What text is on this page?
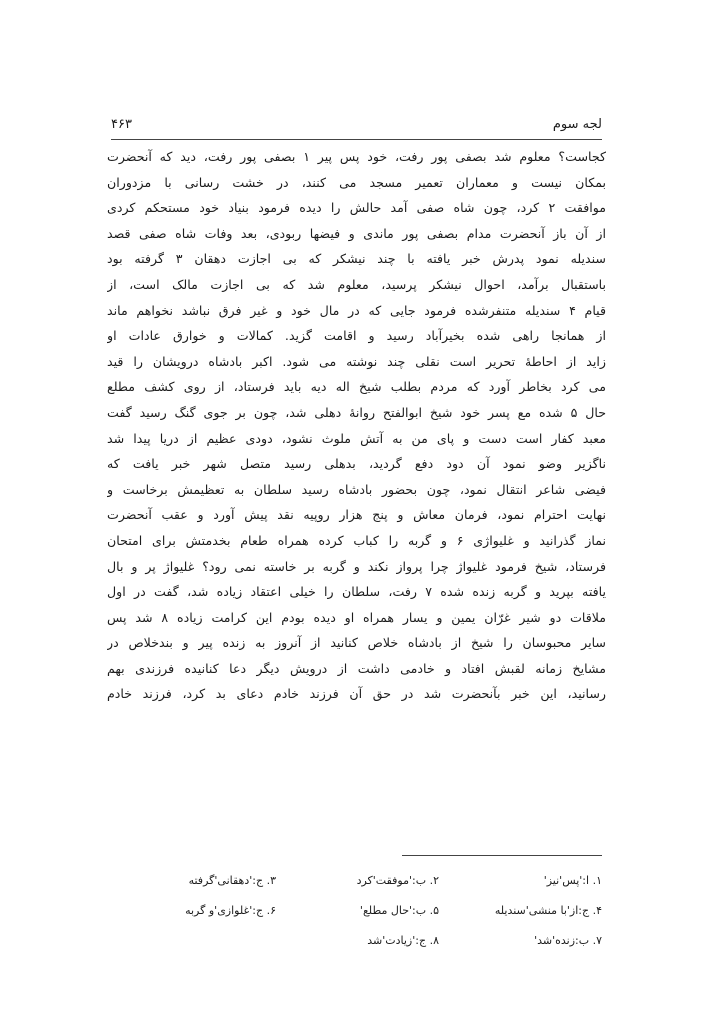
لجه سوم
۴۶۳
کجاست؟ معلوم شد بصفی پور رفت، خود پس پیر ۱ بصفی پور رفت، دید که آنحضرت
بمکان نیست و معماران تعمیر مسجد می کنند، در خشت رسانی با مزدوران
موافقت ۲ کرد، چون شاه صفی آمد حالش را دیده فرمود بنیاد خود مستحکم کردی
از آن باز آنحضرت مدام بصفی پور ماندی و فیضها ربودی، بعد وفات شاه صفی قصد
سندیله نمود پدرش خبر یافته با چند نیشکر که بی اجازت دهقان ۳ گرفته بود
باستقبال برآمد، احوال نیشکر پرسید، معلوم شد که بی اجازت مالک است، از
قیام ۴ سندیله متنفرشده فرمود جایی که در مال خود و غیر فرق نباشد نخواهم ماند
از همانجا راهی شده بخیرآباد رسید و اقامت گزید. کمالات و خوارق عادات او
زاید از احاطهٔ تحریر است نقلی چند نوشته می شود. اکبر بادشاه درویشان را قید
می کرد بخاطر آورد که مردم بطلب شیخ اله دیه باید فرستاد، از روی کشف مطلع
حال ۵ شده مع پسر خود شیخ ابوالفتح روانهٔ دهلی شد، چون بر جوی گنگ رسید گفت
معبد کفار است دست و پای من به آتش ملوث نشود، دودی عظیم از دریا پیدا شد
ناگزیر وضو نمود آن دود دفع گردید، بدهلی رسید متصل شهر خبر یافت که
فیضی شاعر انتقال نمود، چون بحضور بادشاه رسید سلطان به تعظیمش برخاست و
نهایت احترام نمود، فرمان معاش و پنج هزار روپیه نقد پیش آورد و عقب آنحضرت
نماز گذرانید و غلیواژی ۶ و گربه را کباب کرده همراه طعام بخدمتش برای امتحان
فرستاد، شیخ فرمود غلیواژ چرا پرواز نکند و گربه بر خاسته نمی رود؟ غلیواژ پر و بال
یافته بپرید و گربه زنده شده ۷ رفت، سلطان را خیلی اعتقاد زیاده شد، گفت در اول
ملاقات دو شیر غرّان یمین و یسار همراه او دیده بودم این کرامت زیاده ۸ شد پس
سایر محبوسان را شیخ از بادشاه خلاص کنانید از آنروز به زنده پیر و بندخلاص در
مشایخ زمانه لقبش افتاد و خادمی داشت از درویش دیگر دعا کنانیده فرزندی بهم
رسانید، این خبر بآنحضرت شد در حق آن فرزند خادم دعای بد کرد، فرزند خادم
۱. ا:'پس'نیز'
۲. ب:'موفقت'کرد
۳. ج:'دهقانی'گرفته
۴. ج:از'با منشی'سندیله
۵. ب:'حال مطلع'
۶. ج:'غلوازی'و گربه
۷. ب:زنده'شد'
۸. ج:'زیادت'شد
